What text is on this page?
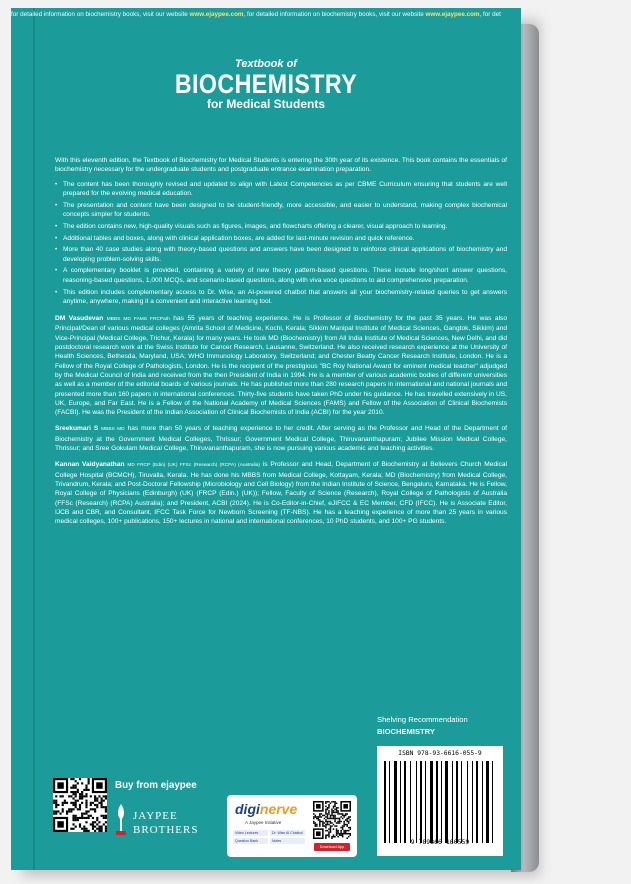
for detailed information on biochemistry books, visit our website www.ejaypee.com, for detailed information on biochemistry books, visit our website www.ejaypee.com, for det
Textbook of
BIOCHEMISTRY
for Medical Students

With this eleventh edition, the Textbook of Biochemistry for Medical Students is entering the 30th year of its existence. This book contains the essentials of biochemistry necessary for the undergraduate students and postgraduate entrance examination preparation.

• The content has been thoroughly revised and updated to align with Latest Competencies as per CBME Curriculum ensuring that students are well prepared for the evolving medical education.
• The presentation and content have been designed to be student-friendly, more accessible, and easier to understand, making complex biochemical concepts simpler for students.
• The edition contains new, high-quality visuals such as figures, images, and flowcharts offering a clearer, visual approach to learning.
• Additional tables and boxes, along with clinical application boxes, are added for last-minute revision and quick reference.
• More than 40 case studies along with theory-based questions and answers have been designed to reinforce clinical applications of biochemistry and developing problem-solving skills.
• A complementary booklet is provided, containing a variety of new theory pattern-based questions. These include long/short answer questions, reasoning-based questions, 1,000 MCQs, and scenario-based questions, along with viva voce questions to aid comprehensive preparation.
• This edition includes complementary access to Dr. Wise, an AI-powered chatbot that answers all your biochemistry-related queries to get answers anytime, anywhere, making it a convenient and interactive learning tool.

DM Vasudevan MBBS MD FAMS FRCPath has 55 years of teaching experience. He is Professor of Biochemistry for the past 35 years. He was also Principal/Dean of various medical colleges (Amrita School of Medicine, Kochi, Kerala; Sikkim Manipal Institute of Medical Sciences, Gangtok, Sikkim) and Vice-Principal (Medical College, Trichur, Kerala) for many years. He took MD (Biochemistry) from All India Institute of Medical Sciences, New Delhi, and did postdoctoral research work at the Swiss Institute for Cancer Research, Lausanne, Switzerland. He also received research experience at the University of Health Sciences, Bethesda, Maryland, USA; WHO Immunology Laboratory, Switzerland; and Chester Beatty Cancer Research Institute, London. He is a Fellow of the Royal College of Pathologists, London. He is the recipient of the prestigious "BC Roy National Award for eminent medical teacher" adjudged by the Medical Council of India and received from the then President of India in 1994. He is a member of various academic bodies of different universities as well as a member of the editorial boards of various journals. He has published more than 280 research papers in international and national journals and presented more than 160 papers in international conferences. Thirty-five students have taken PhD under his guidance. He has travelled extensively in US, UK, Europe, and Far East. He is a Fellow of the National Academy of Medical Sciences (FAMS) and Fellow of the Association of Clinical Biochemists (FACBI). He was the President of the Indian Association of Clinical Biochemists of India (ACBI) for the year 2010.

Sreekumari S MBBS MD has more than 50 years of teaching experience to her credit. After serving as the Professor and Head of the Department of Biochemistry at the Government Medical Colleges, Thrissur; Government Medical College, Thiruvananthapuram; Jubilee Mission Medical College, Thrissur; and Sree Gokulam Medical College, Thiruvananthapuram, she is now pursuing various academic and teaching activities.

Kannan Vaidyanathan MD FRCP (Edin) (UK) FFSc (Research) (RCPA) (Australia) is Professor and Head, Department of Biochemistry at Believers Church Medical College Hospital (BCMCH), Tiruvalla, Kerala. He has done his MBBS from Medical College, Kottayam, Kerala; MD (Biochemistry) from Medical College, Trivandrum, Kerala; and Post-Doctoral Fellowship (Microbiology and Cell Biology) from the Indian Institute of Science, Bengaluru, Karnataka. He is Fellow, Royal College of Physicians (Edinburgh) (UK) (FRCP (Edin.) (UK)); Fellow, Faculty of Science (Research), Royal College of Pathologists of Australia (FFSc (Research) (RCPA) Australia); and President, ACBI (2024). He is Co-Editor-in-Chief, eJIFCC & EC Member, CFD (IFCC). He is Associate Editor, IJCB and CBR, and Consultant, IFCC Task Force for Newborn Screening (TF-NBS). He has a teaching experience of more than 25 years in various medical colleges, 100+ publications, 150+ lectures in national and international conferences, 10 PhD students, and 100+ PG students.

Shelving Recommendation
BIOCHEMISTRY
ISBN 978-93-6616-055-9
9 789366 160559
Buy from ejaypee
JAYPEE
BROTHERS
diginerve
A Jaypee Initiative
Video Lectures	Dr. Wise AI Chatbot
Question Bank	Notes
Download App
